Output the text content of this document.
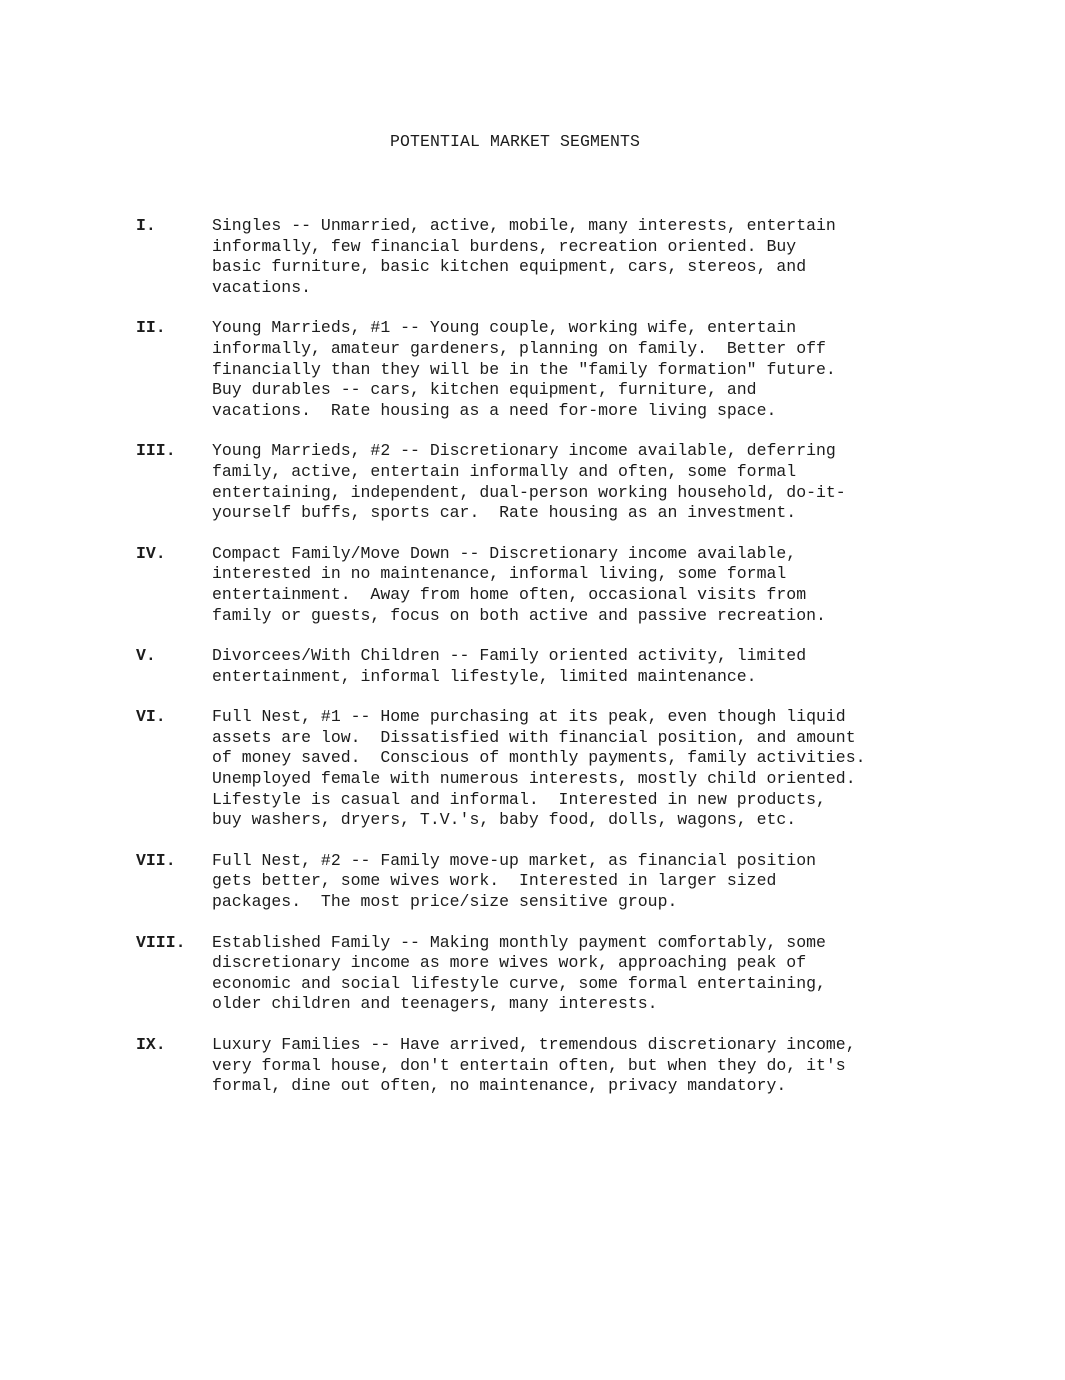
POTENTIAL MARKET SEGMENTS
I.	Singles -- Unmarried, active, mobile, many interests, entertain
informally, few financial burdens, recreation oriented. Buy
basic furniture, basic kitchen equipment, cars, stereos, and
vacations.
II.	Young Marrieds, #1 -- Young couple, working wife, entertain
informally, amateur gardeners, planning on family.  Better off
financially than they will be in the "family formation" future.
Buy durables -- cars, kitchen equipment, furniture, and
vacations.  Rate housing as a need for-more living space.
III.	Young Marrieds, #2 -- Discretionary income available, deferring
family, active, entertain informally and often, some formal
entertaining, independent, dual-person working household, do-it-
yourself buffs, sports car.  Rate housing as an investment.
IV.	Compact Family/Move Down -- Discretionary income available,
interested in no maintenance, informal living, some formal
entertainment.  Away from home often, occasional visits from
family or guests, focus on both active and passive recreation.
V.	Divorcees/With Children -- Family oriented activity, limited
entertainment, informal lifestyle, limited maintenance.
VI.	Full Nest, #1 -- Home purchasing at its peak, even though liquid
assets are low.  Dissatisfied with financial position, and amount
of money saved.  Conscious of monthly payments, family activities.
Unemployed female with numerous interests, mostly child oriented.
Lifestyle is casual and informal.  Interested in new products,
buy washers, dryers, T.V.'s, baby food, dolls, wagons, etc.
VII.	Full Nest, #2 -- Family move-up market, as financial position
gets better, some wives work.  Interested in larger sized
packages.  The most price/size sensitive group.
VIII.	Established Family -- Making monthly payment comfortably, some
discretionary income as more wives work, approaching peak of
economic and social lifestyle curve, some formal entertaining,
older children and teenagers, many interests.
IX.	Luxury Families -- Have arrived, tremendous discretionary income,
very formal house, don't entertain often, but when they do, it's
formal, dine out often, no maintenance, privacy mandatory.
